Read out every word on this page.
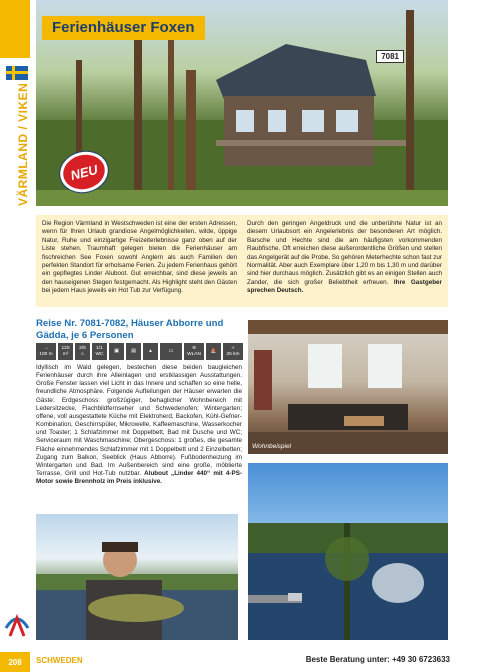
VÄRMLAND / VIKEN
Ferienhäuser Foxen
7081
NEU

Die Region Värmland in Westschweden ist eine der ersten Adressen, wenn für Ihren Urlaub grandiose Angelmöglichkeiten, wilde, üppige Natur, Ruhe und einzigartige Freizeiterlebnisse ganz oben auf der Liste stehen. Traumhaft gelegen bieten die Ferienhäuser am fischreichen See Foxen sowohl Anglern als auch Familien den perfekten Standort für erholsame Ferien. Zu jedem Ferienhaus gehört ein gepflegtes Linder Aluboot. Gut erreichbar, sind diese jeweils an den hauseigenen Stegen festgemacht. Als Highlight steht den Gästen bei jedem Haus jeweils ein Hot Tub zur Verfügung.

Durch den geringen Angeldruck und die unberührte Natur ist an diesem Urlaubsort ein Angelerlebnis der besonderen Art möglich. Barsche und Hechte sind die am häufigsten vorkommenden Raubfische. Oft erreichen diese außerordentliche Größen und stellen das Angelgerät auf die Probe. So gehören Meterhechte schon fast zur Normalität. Aber auch Exemplare über 1,20 m bis 1,30 m und darüber sind hier durchaus möglich. Zusätzlich gibt es an einigen Stellen auch Zander, die sich großer Beliebtheit erfreuen. Ihre Gastgeber sprechen Deutsch.

Reise Nr. 7081-7082, Häuser Abborre und Gädda, je 6 Personen
→
100 m
120
m²
2/6
⌂
1/1
WC
▣	▤	▲	▭
≋
WLAN
⛵
≈
25 km
Idyllisch im Wald gelegen, bestechen diese beiden baugleichen Ferienhäuser durch ihre Alleinlagen und erstklassigen Ausstattungen. Große Fenster lassen viel Licht in das Innere und schaffen so eine helle, freundliche Atmosphäre. Folgende Aufteilungen der Häuser erwarten die Gäste: Erdgeschoss: großzügiger, behaglicher Wohnbereich mit Ledersitzecke, Flachbildfernseher und Schwedenofen; Wintergarten; offene, voll ausgestattete Küche mit Elektroherd, Backofen, Kühl-Gefrier-Kombination, Geschirrspüler, Mikrowelle, Kaffeemaschine, Wasserkocher und Toaster; 1 Schlafzimmer mit Doppelbett, Bad mit Dusche und WC; Serviceraum mit Waschmaschine; Obergeschoss: 1 großes, die gesamte Fläche einnehmendes Schlafzimmer mit 1 Doppelbett und 2 Einzelbetten; Zugang zum Balkon, Seeblick (Haus Abborre). Fußbodenheizung im Wintergarten und Bad. Im Außenbereich sind eine große, möblierte Terrasse, Grill und Hot-Tub nutzbar. Alubout „Linder 440“ mit 4-PS-Motor sowie Brennholz im Preis inklusive.
Wohnbeispiel
208	SCHWEDEN	Beste Beratung unter: +49 30 6723633
